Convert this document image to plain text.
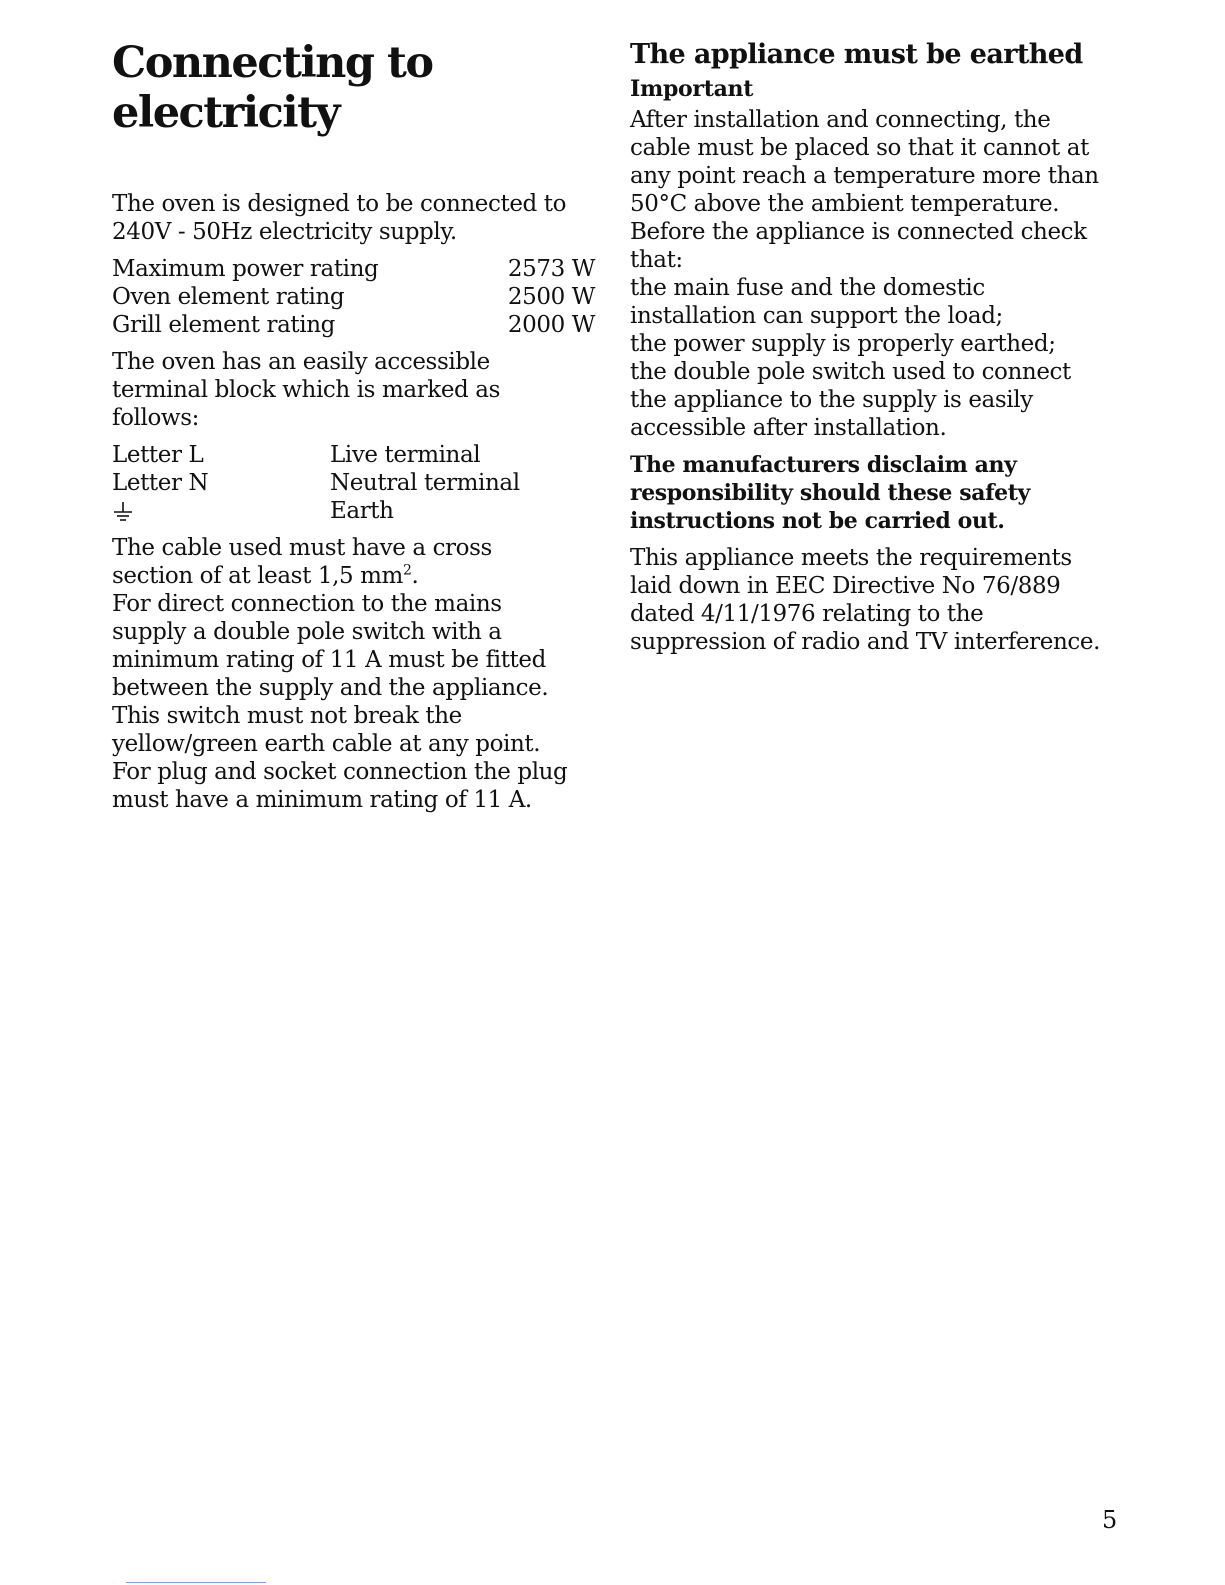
Connecting to
electricity

The oven is designed to be connected to
240V - 50Hz electricity supply.

Maximum power rating	2573 W
Oven element rating	2500 W
Grill element rating	2000 W

The oven has an easily accessible
terminal block which is marked as
follows:

Letter L	Live terminal
Letter N	Neutral terminal
	Earth

The cable used must have a cross
section of at least 1,5 $mm^2$.
For direct connection to the mains
supply a double pole switch with a
minimum rating of 11 A must be fitted
between the supply and the appliance.
This switch must not break the
yellow/green earth cable at any point.
For plug and socket connection the plug
must have a minimum rating of 11 A.

The appliance must be earthed
Important

After installation and connecting, the
cable must be placed so that it cannot at
any point reach a temperature more than
50°C above the ambient temperature.
Before the appliance is connected check
that:
the main fuse and the domestic
installation can support the load;
the power supply is properly earthed;
the double pole switch used to connect
the appliance to the supply is easily
accessible after installation.

The manufacturers disclaim any
responsibility should these safety
instructions not be carried out.

This appliance meets the requirements
laid down in EEC Directive No 76/889
dated 4/11/1976 relating to the
suppression of radio and TV interference.

5
